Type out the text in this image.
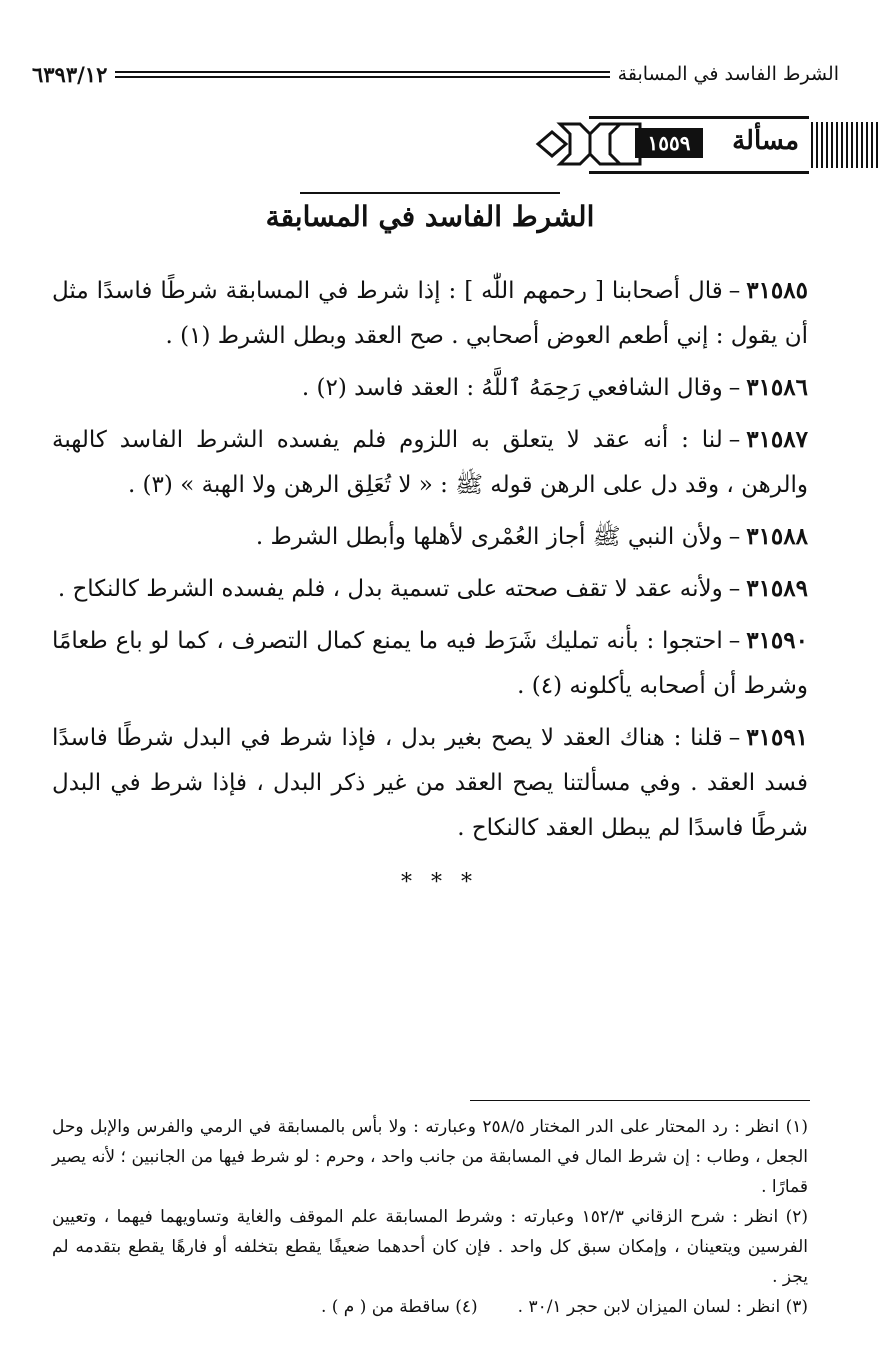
الشرط الفاسد في المسابقة
٦٣٩٣/١٢
مسألة
١٥٥٩
الشرط الفاسد في المسابقة

٣١٥٨٥–قال أصحابنا [ رحمهم اللّٰه ] : إذا شرط في المسابقة شرطًا فاسدًا مثل أن يقول : إني أطعم العوض أصحابي . صح العقد وبطل الشرط (١) .

٣١٥٨٦–وقال الشافعي رَحِمَهُ ٱللَّهُ : العقد فاسد (٢) .

٣١٥٨٧–لنا : أنه عقد لا يتعلق به اللزوم فلم يفسده الشرط الفاسد كالهبة والرهن ، وقد دل على الرهن قوله ﷺ : « لا تُعَلِق الرهن ولا الهبة » (٣) .

٣١٥٨٨–ولأن النبي ﷺ أجاز العُمْرى لأهلها وأبطل الشرط .

٣١٥٨٩–ولأنه عقد لا تقف صحته على تسمية بدل ، فلم يفسده الشرط كالنكاح .

٣١٥٩٠–احتجوا : بأنه تمليك شَرَط فيه ما يمنع كمال التصرف ، كما لو باع طعامًا وشرط أن أصحابه يأكلونه (٤) .

٣١٥٩١–قلنا : هناك العقد لا يصح بغير بدل ، فإذا شرط في البدل شرطًا فاسدًا فسد العقد . وفي مسألتنا يصح العقد من غير ذكر البدل ، فإذا شرط في البدل شرطًا فاسدًا لم يبطل العقد كالنكاح .

* * *

(١) انظر : رد المحتار على الدر المختار ٢٥٨/٥ وعبارته : ولا بأس بالمسابقة في الرمي والفرس والإبل وحل الجعل ، وطاب : إن شرط المال في المسابقة من جانب واحد ، وحرم : لو شرط فيها من الجانبين ؛ لأنه يصير قمارًا .

(٢) انظر : شرح الزقاني ١٥٢/٣ وعبارته : وشرط المسابقة علم الموقف والغاية وتساويهما فيهما ، وتعيين الفرسين ويتعينان ، وإمكان سبق كل واحد . فإن كان أحدهما ضعيفًا يقطع بتخلفه أو فارهًا يقطع بتقدمه لم يجز .

(٣) انظر : لسان الميزان لابن حجر ٣٠/١ .
(٤) ساقطة من ( م ) .
